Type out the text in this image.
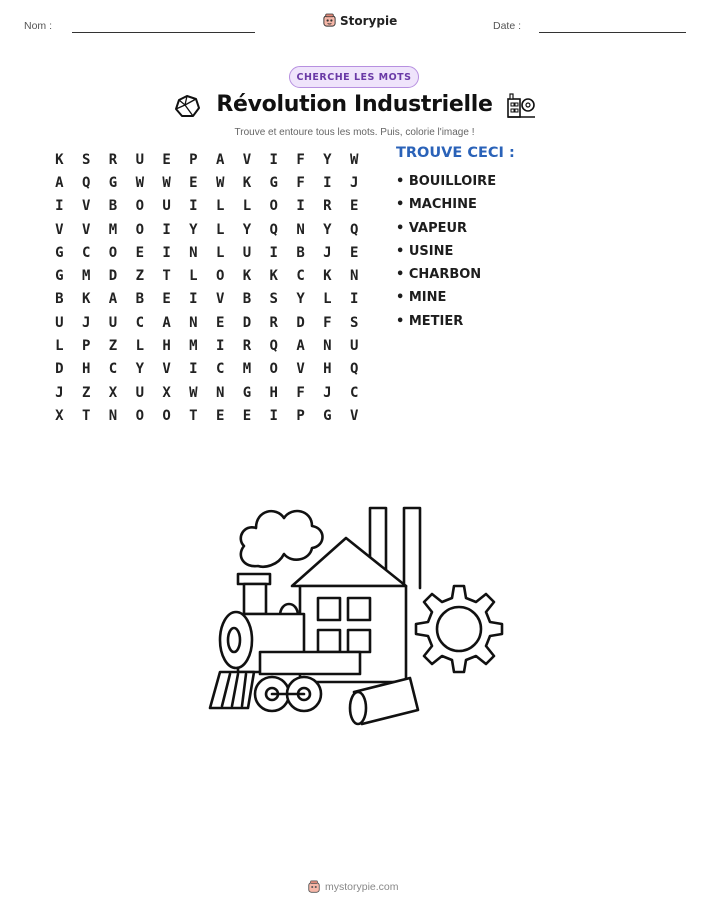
Nom :	Storypie	Date :
CHERCHE LES MOTS
Révolution Industrielle
Trouve et entoure tous les mots. Puis, colorie l'image !
K	S	R	U	E	P	A	V	I	F	Y	W
A	Q	G	W	W	E	W	K	G	F	I	J
I	V	B	O	U	I	L	L	O	I	R	E
V	V	M	O	I	Y	L	Y	Q	N	Y	Q
G	C	O	E	I	N	L	U	I	B	J	E
G	M	D	Z	T	L	O	K	K	C	K	N
B	K	A	B	E	I	V	B	S	Y	L	I
U	J	U	C	A	N	E	D	R	D	F	S
L	P	Z	L	H	M	I	R	Q	A	N	U
D	H	C	Y	V	I	C	M	O	V	H	Q
J	Z	X	U	X	W	N	G	H	F	J	C
X	T	N	O	O	T	E	E	I	P	G	V
TROUVE CECI :
• BOUILLOIRE
• MACHINE
• VAPEUR
• USINE
• CHARBON
• MINE
• METIER
mystorypie.com
